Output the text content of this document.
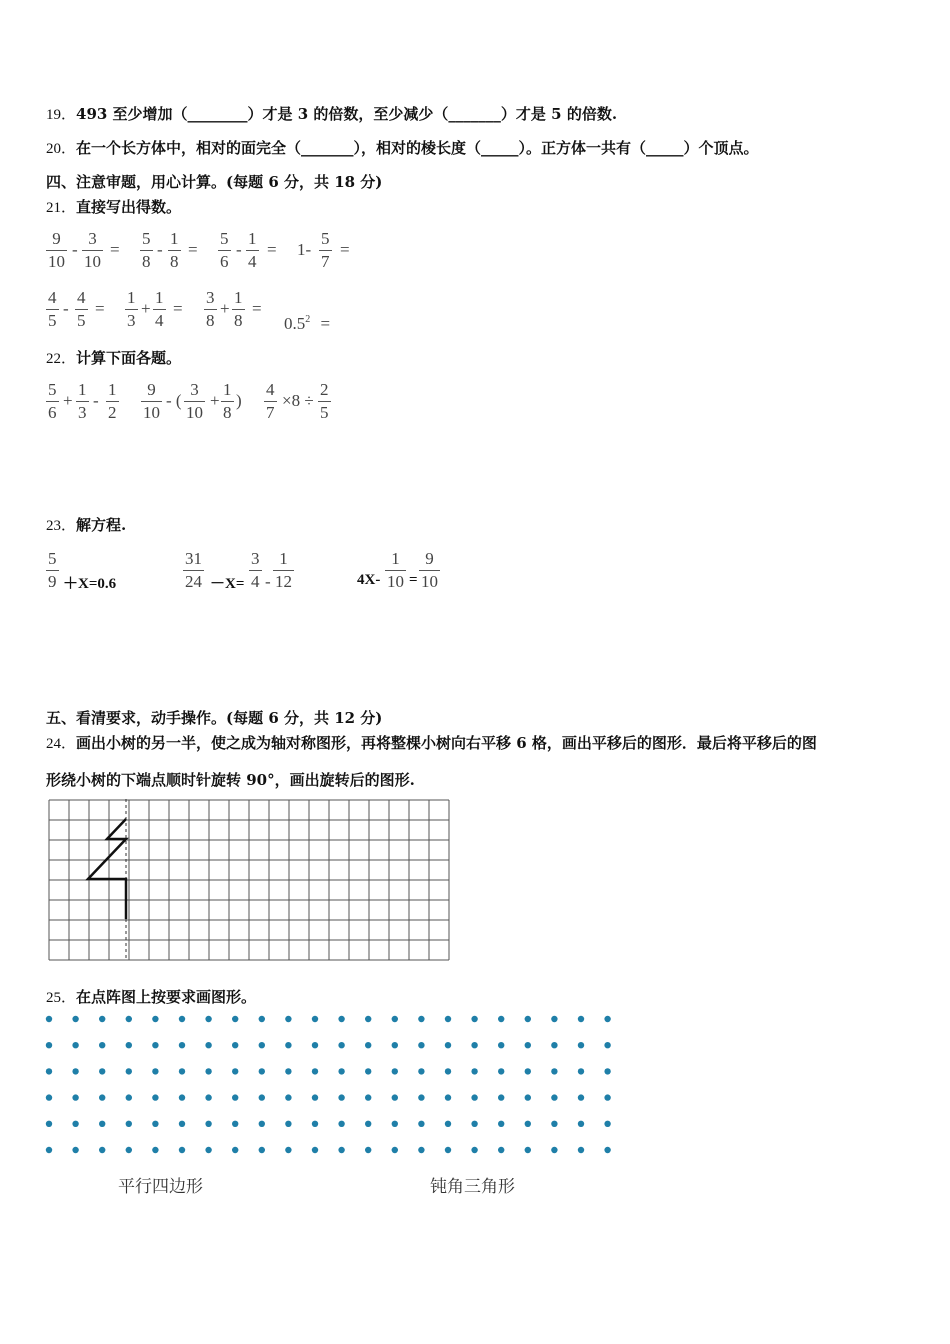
19．493 至少增加（________）才是 3 的倍数，至少减少（_______）才是 5 的倍数.
20．在一个长方体中，相对的面完全（_______），相对的棱长度（_____）。正方体一共有（_____）个顶点。
四、注意审题，用心计算。(每题 6 分，共 18 分)
21．直接写出得数。
9
10
-
3
10
=
5
8
-
1
8
=
5
6
-
1
4
= 1-
5
7
=
4
5
-
4
5
=
1
3
+
1
4
=
3
8
+
1
8
=
$0.5^2$ =
22．计算下面各题。
5
6
+
1
3
-
1
2
9
10
- (
3
10
+
1
8
)
4
7
×8 ÷
2
5
23．解方程.
5
9 ＋X=0.6
31
24 －X=
3
4 -
1
12	4X-
1
10 =
9
10
五、看清要求，动手操作。(每题 6 分，共 12 分)
24．画出小树的另一半，使之成为轴对称图形，再将整棵小树向右平移 6 格，画出平移后的图形．最后将平移后的图
形绕小树的下端点顺时针旋转 90°，画出旋转后的图形.
25．在点阵图上按要求画图形。
平行四边形	钝角三角形
